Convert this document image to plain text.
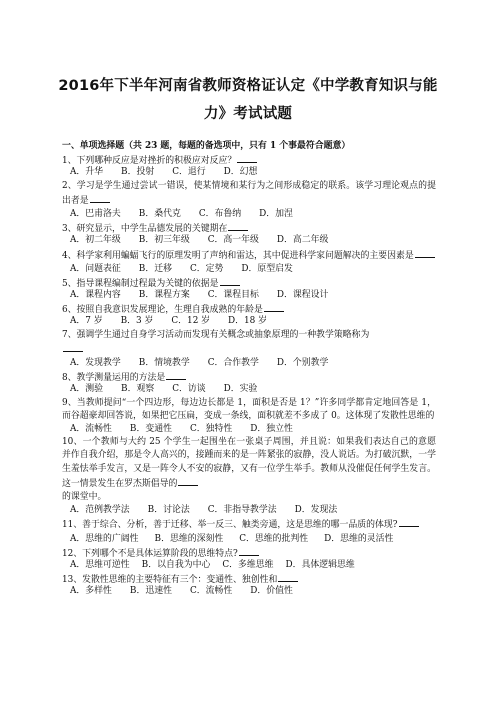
2016年下半年河南省教师资格证认定《中学教育知识与能
力》考试试题
一、单项选择题（共 23 题，每题的备选项中，只有 1 个事最符合题意）
1、下列哪种反应是对挫折的积极应对反应？
A．升华 B．投射 C．退行 D．幻想
2、学习是学生通过尝试一错误，使某情境和某行为之间形成稳定的联系。该学习理论观点的提出者是
A．巴甫洛夫 B．桑代克 C．布鲁纳 D．加涅
3、研究显示，中学生品德发展的关键期在
A．初二年级 B．初三年级 C．高一年级 D．高二年级
4、科学家利用蝙蝠飞行的原理发明了声纳和雷达，其中促进科学家问题解决的主要因素是
A．问题表征 B．迁移 C．定势 D．原型启发
5、指导课程编制过程最为关键的依据是
A．课程内容 B．课程方案 C．课程目标 D．课程设计
6、按照自我意识发展理论，生理自我成熟的年龄是
A．7 岁 B．3 岁 C．12 岁 D．18 岁
7、强调学生通过自身学习活动而发现有关概念或抽象原理的一种教学策略称为

A．发现教学 B．情境教学 C．合作教学 D．个别教学
8、教学测量运用的方法是
A．测验 B．观察 C．访谈 D．实验
9、当教师提问“一个四边形，每边边长都是 1，面积是否是 1？”许多同学都肯定地回答是 1，而谷超豪却回答说，如果把它压扁，变成一条线，面积就差不多成了 0。这体现了发散性思维的
A．流畅性 B．变通性 C．独特性 D．独立性
10、一个教师与大约 25 个学生一起围坐在一张桌子周围，并且说：如果我们表达自己的意愿并作自我介绍，那是令人高兴的，接踵而来的是一阵紧张的寂静，没人说话。为打破沉默，一学生羞怯举手发言，又是一阵令人不安的寂静，又有一位学生举手。教师从没催促任何学生发言。这一情景发生在罗杰斯倡导的
的课堂中。
A．范例教学法 B．讨论法 C．非指导教学法 D．发现法
11、善于综合、分析，善于迁移、举一反三、触类旁通，这是思维的哪一品质的体现?
A．思维的广阔性 B．思维的深刻性 C．思维的批判性 D．思维的灵活性
12、下列哪个不是具体运算阶段的思维特点?
A．思维可逆性 B．以自我为中心 C．多维思维 D．具体逻辑思维
13、发散性思维的主要特征有三个：变通性、独创性和
A．多样性 B．迅速性 C．流畅性 D．价值性
